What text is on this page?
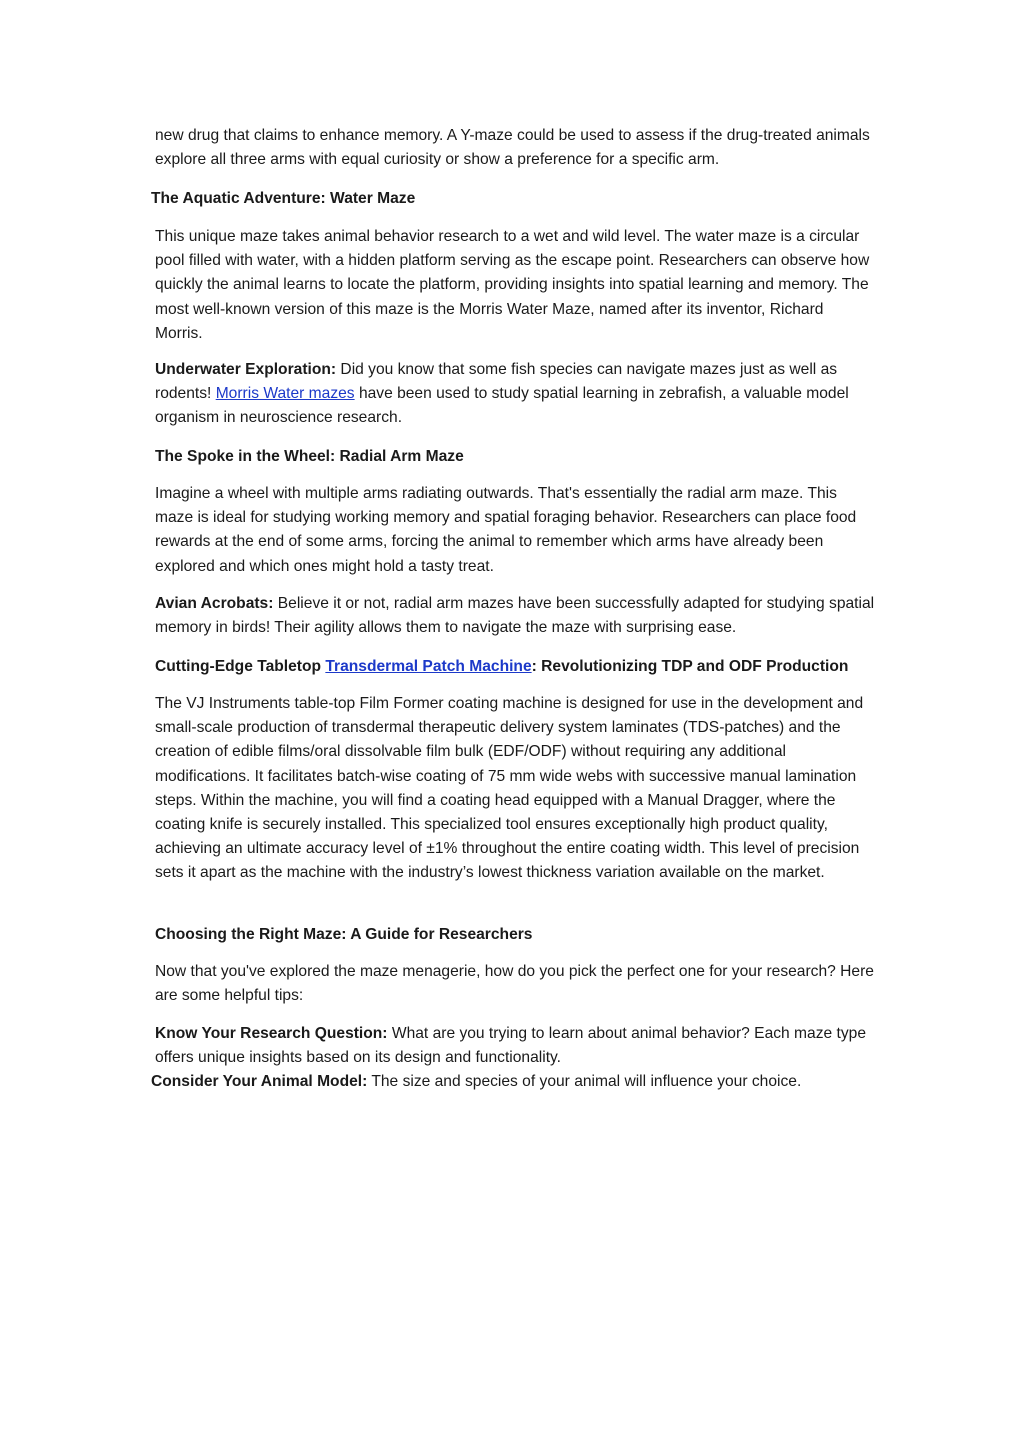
new drug that claims to enhance memory. A Y-maze could be used to assess if the drug-treated animals explore all three arms with equal curiosity or show a preference for a specific arm.

The Aquatic Adventure: Water Maze

This unique maze takes animal behavior research to a wet and wild level. The water maze is a circular pool filled with water, with a hidden platform serving as the escape point. Researchers can observe how quickly the animal learns to locate the platform, providing insights into spatial learning and memory. The most well-known version of this maze is the Morris Water Maze, named after its inventor, Richard Morris.

Underwater Exploration: Did you know that some fish species can navigate mazes just as well as rodents! Morris Water mazes have been used to study spatial learning in zebrafish, a valuable model organism in neuroscience research.

The Spoke in the Wheel: Radial Arm Maze

Imagine a wheel with multiple arms radiating outwards. That's essentially the radial arm maze. This maze is ideal for studying working memory and spatial foraging behavior. Researchers can place food rewards at the end of some arms, forcing the animal to remember which arms have already been explored and which ones might hold a tasty treat.

Avian Acrobats: Believe it or not, radial arm mazes have been successfully adapted for studying spatial memory in birds! Their agility allows them to navigate the maze with surprising ease.

Cutting-Edge Tabletop Transdermal Patch Machine: Revolutionizing TDP and ODF Production

The VJ Instruments table-top Film Former coating machine is designed for use in the development and small-scale production of transdermal therapeutic delivery system laminates (TDS-patches) and the creation of edible films/oral dissolvable film bulk (EDF/ODF) without requiring any additional modifications. It facilitates batch-wise coating of 75 mm wide webs with successive manual lamination steps. Within the machine, you will find a coating head equipped with a Manual Dragger, where the coating knife is securely installed. This specialized tool ensures exceptionally high product quality, achieving an ultimate accuracy level of ±1% throughout the entire coating width. This level of precision sets it apart as the machine with the industry’s lowest thickness variation available on the market.

Choosing the Right Maze: A Guide for Researchers

Now that you've explored the maze menagerie, how do you pick the perfect one for your research? Here are some helpful tips:

Know Your Research Question: What are you trying to learn about animal behavior? Each maze type offers unique insights based on its design and functionality.

Consider Your Animal Model: The size and species of your animal will influence your choice.
